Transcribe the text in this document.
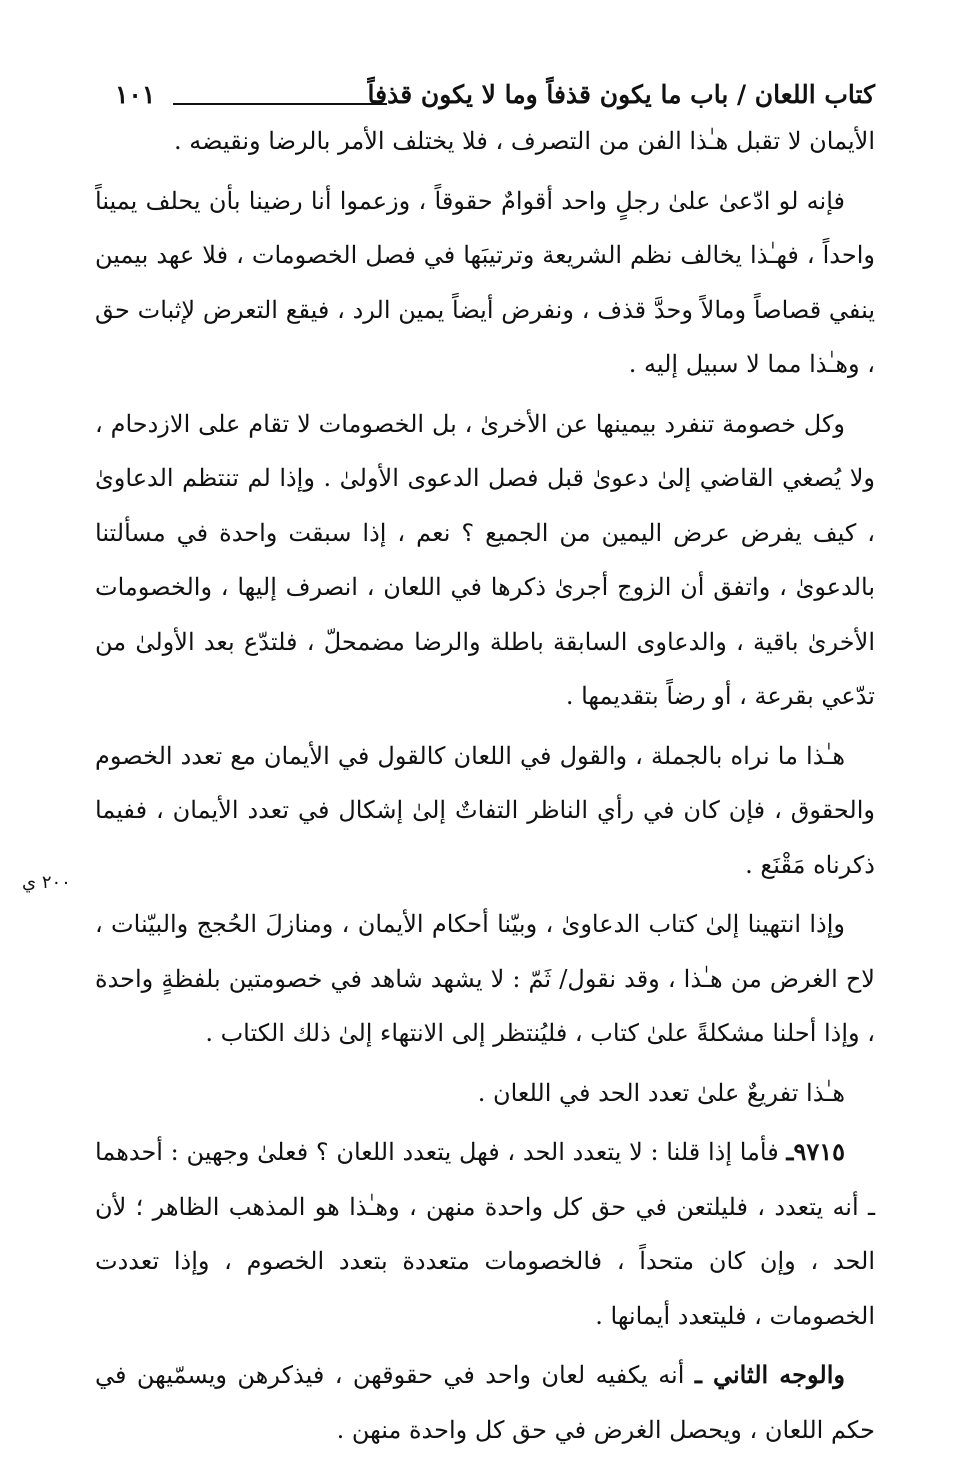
كتاب اللعان / باب ما يكون قذفاً وما لا يكون قذفاً
١٠١

الأيمان لا تقبل هـٰذا الفن من التصرف ، فلا يختلف الأمر بالرضا ونقيضه .

فإنه لو ادّعىٰ علىٰ رجلٍ واحد أقوامٌ حقوقاً ، وزعموا أنا رضينا بأن يحلف يميناً واحداً ، فهـٰذا يخالف نظم الشريعة وترتيبَها في فصل الخصومات ، فلا عهد بيمين ينفي قصاصاً ومالاً وحدَّ قذف ، ونفرض أيضاً يمين الرد ، فيقع التعرض لإثبات حق ، وهـٰذا مما لا سبيل إليه .

وكل خصومة تنفرد بيمينها عن الأخرىٰ ، بل الخصومات لا تقام على الازدحام ، ولا يُصغي القاضي إلىٰ دعوىٰ قبل فصل الدعوى الأولىٰ . وإذا لم تنتظم الدعاوىٰ ، كيف يفرض عرض اليمين من الجميع ؟ نعم ، إذا سبقت واحدة في مسألتنا بالدعوىٰ ، واتفق أن الزوج أجرىٰ ذكرها في اللعان ، انصرف إليها ، والخصومات الأخرىٰ باقية ، والدعاوى السابقة باطلة والرضا مضمحلّ ، فلتدّع بعد الأولىٰ من تدّعي بقرعة ، أو رضاً بتقديمها .

هـٰذا ما نراه بالجملة ، والقول في اللعان كالقول في الأيمان مع تعدد الخصوم والحقوق ، فإن كان في رأي الناظر التفاتٌ إلىٰ إشكال في تعدد الأيمان ، ففيما ذكرناه مَقْنَع .

وإذا انتهينا إلىٰ كتاب الدعاوىٰ ، وبيّنا أحكام الأيمان ، ومنازلَ الحُجج والبيّنات ، لاح الغرض من هـٰذا ، وقد نقول/ ثَمّ : لا يشهد شاهد في خصومتين بلفظةٍ واحدة ، وإذا أحلنا مشكلةً علىٰ كتاب ، فليُنتظر إلى الانتهاء إلىٰ ذلك الكتاب .

هـٰذا تفريعٌ علىٰ تعدد الحد في اللعان .

٩٧١٥ـ فأما إذا قلنا : لا يتعدد الحد ، فهل يتعدد اللعان ؟ فعلىٰ وجهين : أحدهما ـ أنه يتعدد ، فليلتعن في حق كل واحدة منهن ، وهـٰذا هو المذهب الظاهر ؛ لأن الحد ، وإن كان متحداً ، فالخصومات متعددة بتعدد الخصوم ، وإذا تعددت الخصومات ، فليتعدد أيمانها .

والوجه الثاني ـ أنه يكفيه لعان واحد في حقوقهن ، فيذكرهن ويسمّيهن في حكم اللعان ، ويحصل الغرض في حق كل واحدة منهن .

٢٠٠ ي
